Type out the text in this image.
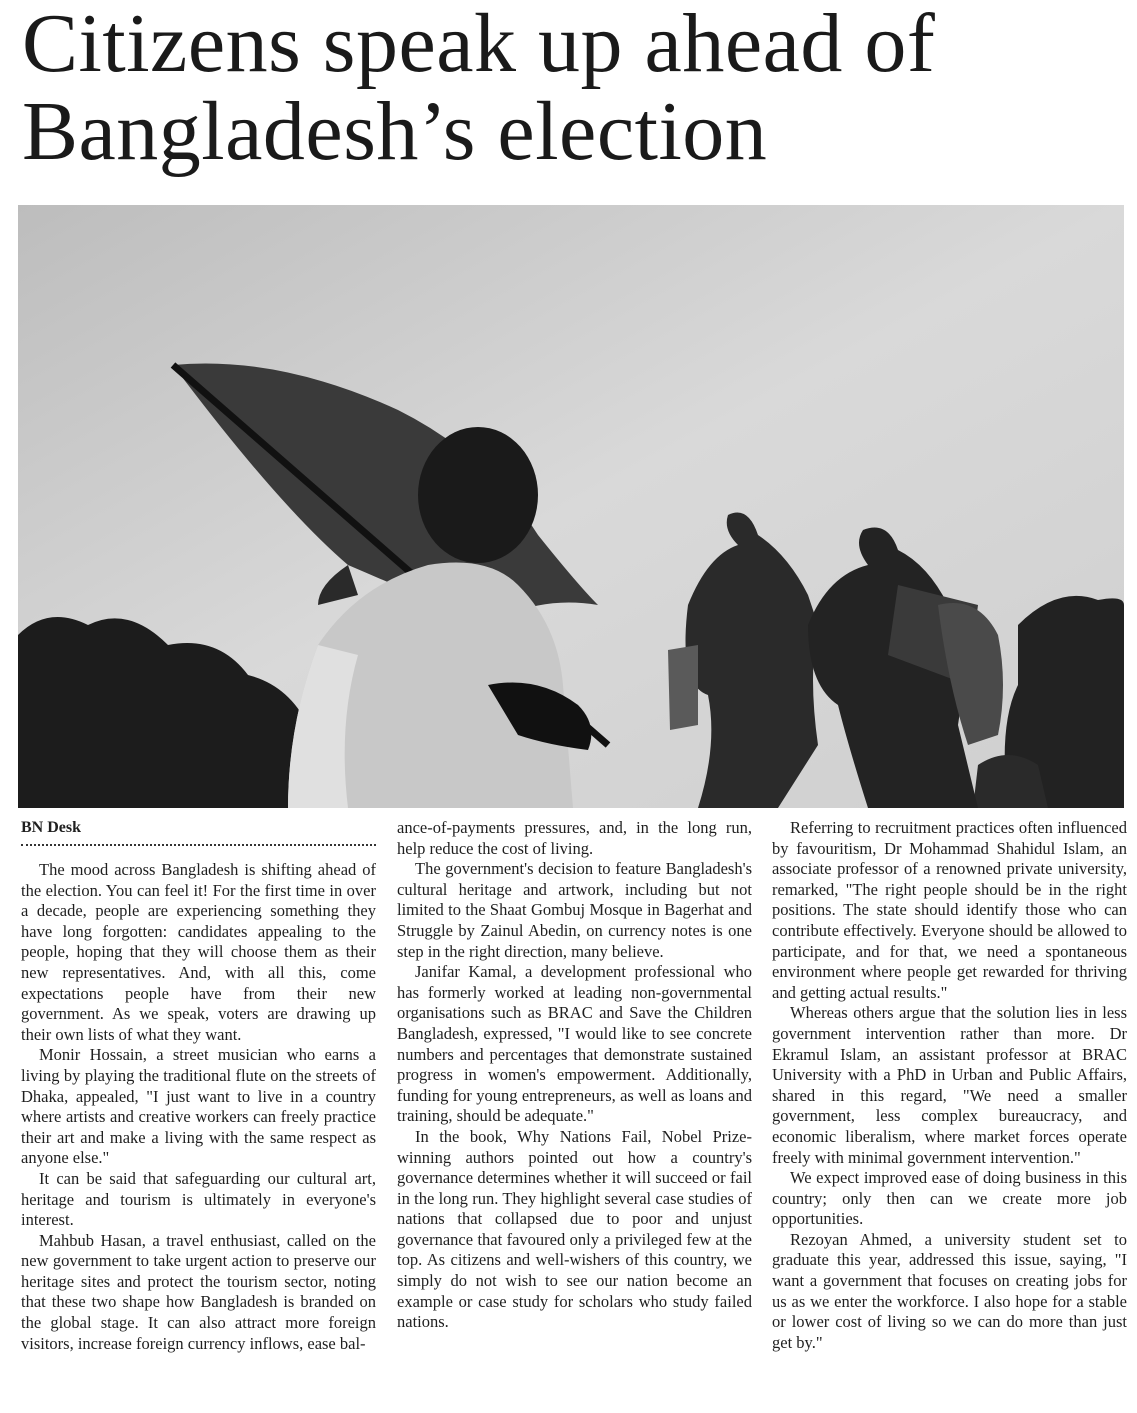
Citizens speak up ahead of Bangladesh’s election
BN Desk

The mood across Bangladesh is shifting ahead of the election. You can feel it! For the first time in over a decade, people are experiencing something they have long forgotten: candidates appealing to the people, hoping that they will choose them as their new representatives. And, with all this, come expectations people have from their new government. As we speak, voters are drawing up their own lists of what they want.

Monir Hossain, a street musician who earns a living by playing the traditional flute on the streets of Dhaka, appealed, "I just want to live in a country where artists and creative workers can freely practice their art and make a living with the same respect as anyone else."

It can be said that safeguarding our cultural art, heritage and tourism is ultimately in everyone's interest.

Mahbub Hasan, a travel enthusiast, called on the new government to take urgent action to preserve our heritage sites and protect the tourism sector, noting that these two shape how Bangladesh is branded on the global stage. It can also attract more foreign visitors, increase foreign currency inflows, ease bal-

ance-of-payments pressures, and, in the long run, help reduce the cost of living.

The government's decision to feature Bangladesh's cultural heritage and artwork, including but not limited to the Shaat Gombuj Mosque in Bagerhat and Struggle by Zainul Abedin, on currency notes is one step in the right direction, many believe.

Janifar Kamal, a development professional who has formerly worked at leading non-governmental organisations such as BRAC and Save the Children Bangladesh, expressed, "I would like to see concrete numbers and percentages that demonstrate sustained progress in women's empowerment. Additionally, funding for young entrepreneurs, as well as loans and training, should be adequate."

In the book, Why Nations Fail, Nobel Prize-winning authors pointed out how a country's governance determines whether it will succeed or fail in the long run. They highlight several case studies of nations that collapsed due to poor and unjust governance that favoured only a privileged few at the top. As citizens and well-wishers of this country, we simply do not wish to see our nation become an example or case study for scholars who study failed nations.

Referring to recruitment practices often influenced by favouritism, Dr Mohammad Shahidul Islam, an associate professor of a renowned private university, remarked, "The right people should be in the right positions. The state should identify those who can contribute effectively. Everyone should be allowed to participate, and for that, we need a spontaneous environment where people get rewarded for thriving and getting actual results."

Whereas others argue that the solution lies in less government intervention rather than more. Dr Ekramul Islam, an assistant professor at BRAC University with a PhD in Urban and Public Affairs, shared in this regard, "We need a smaller government, less complex bureaucracy, and economic liberalism, where market forces operate freely with minimal government intervention."

We expect improved ease of doing business in this country; only then can we create more job opportunities.

Rezoyan Ahmed, a university student set to graduate this year, addressed this issue, saying, "I want a government that focuses on creating jobs for us as we enter the workforce. I also hope for a stable or lower cost of living so we can do more than just get by."
